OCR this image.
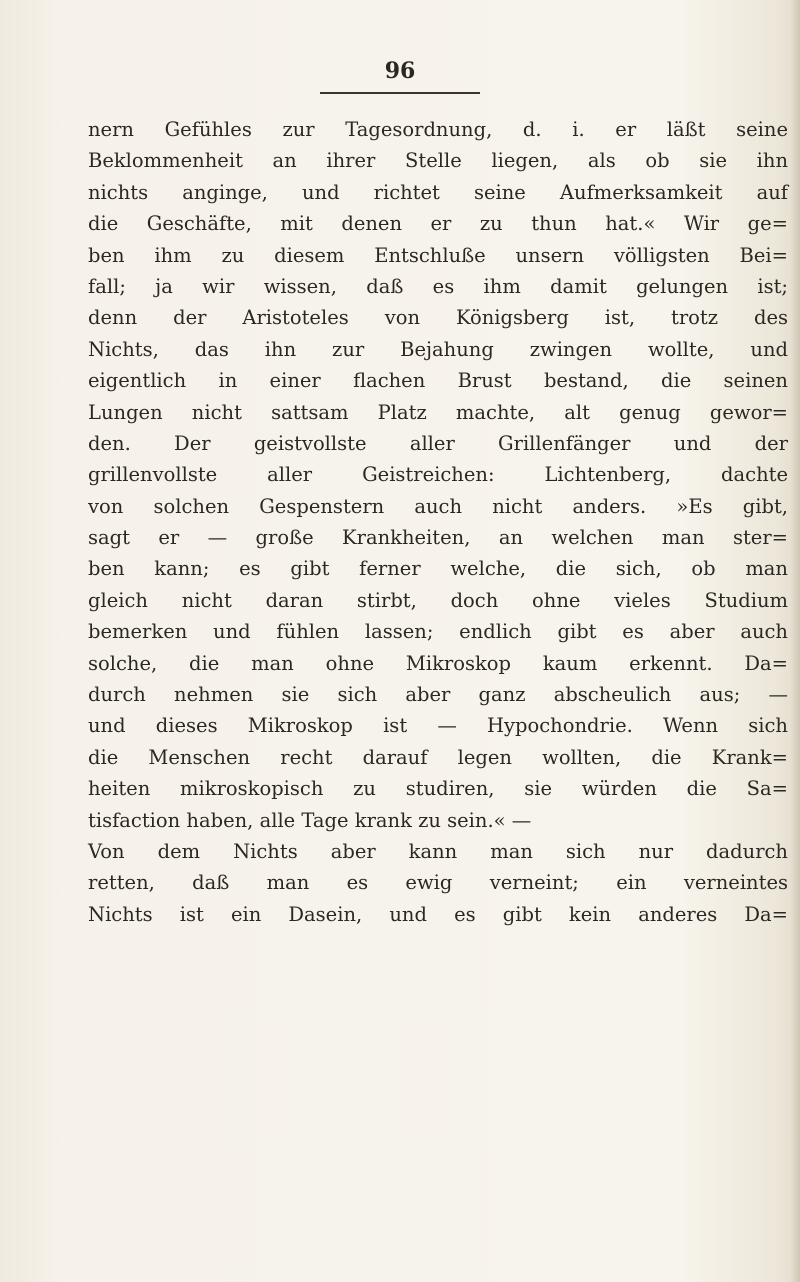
96
nern Gefühles zur Tagesordnung, d. i. er läßt seine
Beklommenheit an ihrer Stelle liegen, als ob sie ihn
nichts anginge, und richtet seine Aufmerksamkeit auf
die Geschäfte, mit denen er zu thun hat.« Wir ge=
ben ihm zu diesem Entschluße unsern völligsten Bei=
fall; ja wir wissen, daß es ihm damit gelungen ist;
denn der Aristoteles von Königsberg ist, trotz des
Nichts, das ihn zur Bejahung zwingen wollte, und
eigentlich in einer flachen Brust bestand, die seinen
Lungen nicht sattsam Platz machte, alt genug gewor=
den. Der geistvollste aller Grillenfänger und der
grillenvollste aller Geistreichen: Lichtenberg, dachte
von solchen Gespenstern auch nicht anders. »Es gibt,
sagt er — große Krankheiten, an welchen man ster=
ben kann; es gibt ferner welche, die sich, ob man
gleich nicht daran stirbt, doch ohne vieles Studium
bemerken und fühlen lassen; endlich gibt es aber auch
solche, die man ohne Mikroskop kaum erkennt. Da=
durch nehmen sie sich aber ganz abscheulich aus; —
und dieses Mikroskop ist — Hypochondrie. Wenn sich
die Menschen recht darauf legen wollten, die Krank=
heiten mikroskopisch zu studiren, sie würden die Sa=
tisfaction haben, alle Tage krank zu sein.« —
Von dem Nichts aber kann man sich nur dadurch
retten, daß man es ewig verneint; ein verneintes
Nichts ist ein Dasein, und es gibt kein anderes Da=
